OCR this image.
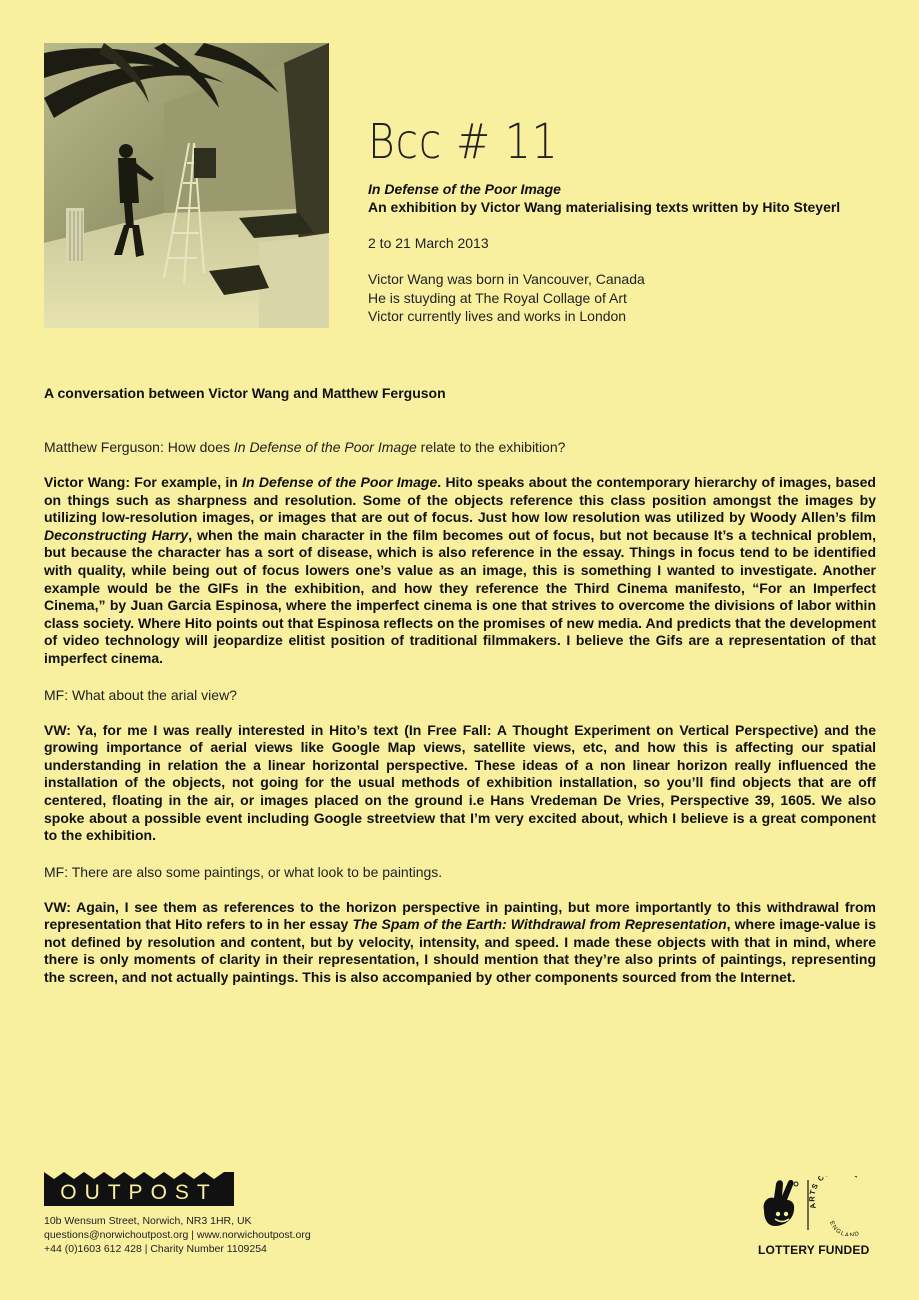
Bcc # 11
In Defense of the Poor Image
An exhibition by Victor Wang materialising texts written by Hito Steyerl
2 to 21 March 2013
Victor Wang was born in Vancouver, Canada
He is stuyding at The Royal Collage of Art
Victor currently lives and works in London
A conversation between Victor Wang and Matthew Ferguson

Matthew Ferguson: How does In Defense of the Poor Image relate to the exhibition?

Victor Wang: For example, in In Defense of the Poor Image. Hito speaks about the contemporary hierarchy of images, based on things such as sharpness and resolution. Some of the objects reference this class position amongst the images by utilizing low-resolution images, or images that are out of focus. Just how low resolution was utilized by Woody Allen’s film Deconstructing Harry, when the main character in the film becomes out of focus, but not because It’s a technical problem, but because the character has a sort of disease, which is also reference in the essay. Things in focus tend to be identified with quality, while being out of focus lowers one’s value as an image, this is something I wanted to investigate. Another example would be the GIFs in the exhibition, and how they reference the Third Cinema manifesto, “For an Imperfect Cinema,” by Juan Garcia Espinosa, where the imperfect cinema is one that strives to overcome the divisions of labor within class society. Where Hito points out that Espinosa reflects on the promises of new media. And predicts that the development of video technology will jeopardize elitist position of traditional filmmakers. I believe the Gifs are a representation of that imperfect cinema.

MF: What about the arial view?

VW: Ya, for me I was really interested in Hito’s text (In Free Fall: A Thought Experiment on Vertical Perspective) and the growing importance of aerial views like Google Map views, satellite views, etc, and how this is affecting our spatial understanding in relation the a linear horizontal perspective. These ideas of a non linear horizon really influenced the installation of the objects, not going for the usual methods of exhibition installation, so you’ll find objects that are off centered, floating in the air, or images placed on the ground i.e Hans Vredeman De Vries, Perspective 39, 1605. We also spoke about a possible event including Google streetview that I’m very excited about, which I believe is a great component to the exhibition.

MF: There are also some paintings, or what look to be paintings.

VW: Again, I see them as references to the horizon perspective in painting, but more importantly to this withdrawal from representation that Hito refers to in her essay The Spam of the Earth: Withdrawal from Representation, where image-value is not defined by resolution and content, but by velocity, intensity, and speed. I made these objects with that in mind, where there is only moments of clarity in their representation, I should mention that they’re also prints of paintings, representing the screen, and not actually paintings. This is also accompanied by other components sourced from the Internet.

OUTPOST
10b Wensum Street, Norwich, NR3 1HR, UK
questions@norwichoutpost.org | www.norwichoutpost.org
+44 (0)1603 612 428 | Charity Number 1109254
ARTS C
ENGLAND
LOTTERY FUNDED
